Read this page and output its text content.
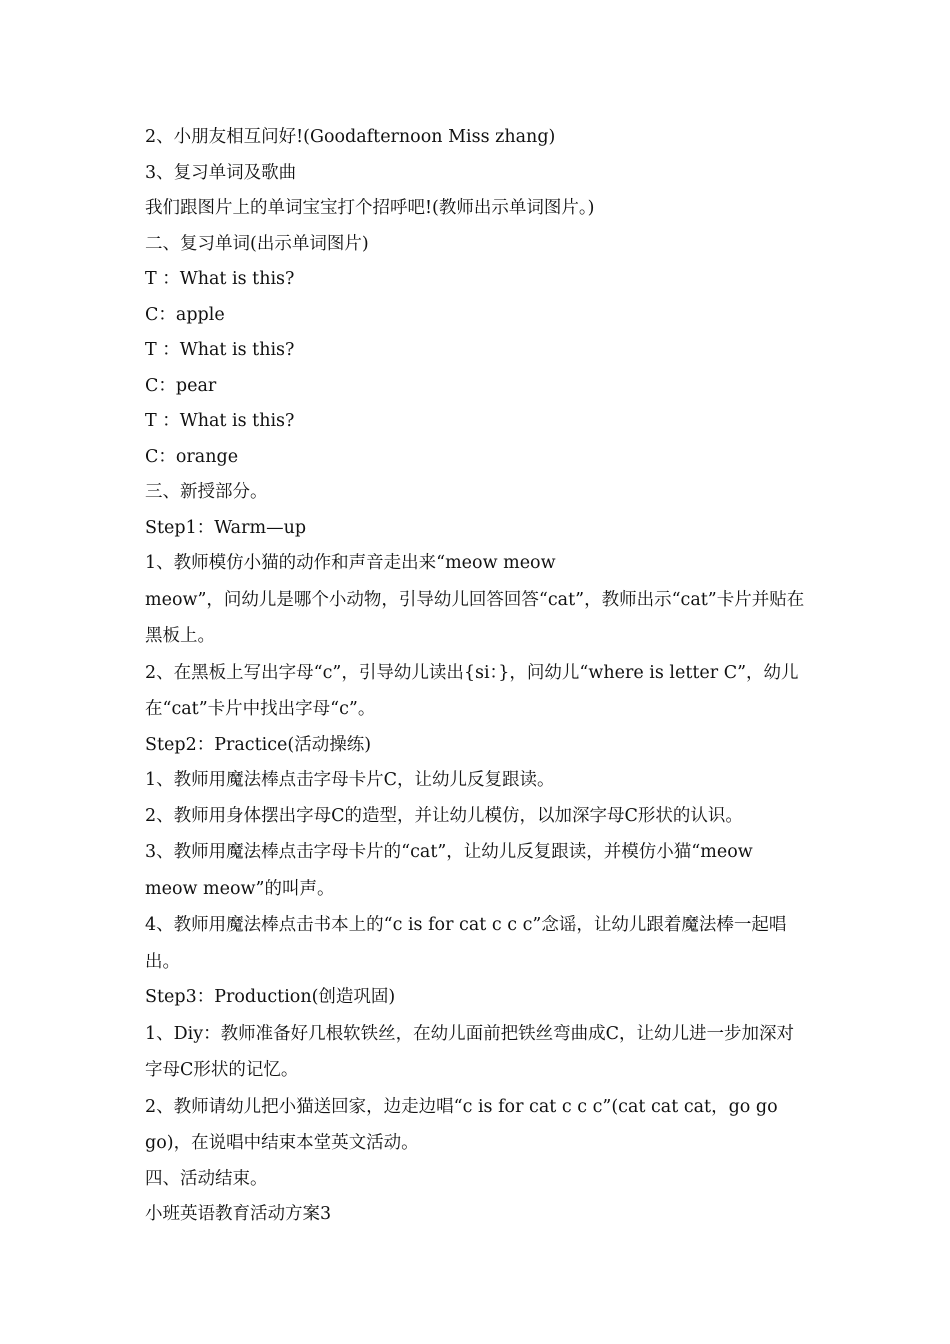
2、小朋友相互问好!(Goodafternoon Miss zhang)
3、复习单词及歌曲
我们跟图片上的单词宝宝打个招呼吧!(教师出示单词图片。)
二、复习单词(出示单词图片)
T ：What is this?
C：apple
T ：What is this?
C：pear
T ：What is this?
C：orange
三、新授部分。
Step1：Warm—up
1、教师模仿小猫的动作和声音走出来“meow meow
meow”，问幼儿是哪个小动物，引导幼儿回答回答“cat”，教师出示“cat”卡片并贴在黑板上。
2、在黑板上写出字母“c”，引导幼儿读出{si：}，问幼儿“where is letter C”，幼儿在“cat”卡片中找出字母“c”。
Step2：Practice(活动操练)
1、教师用魔法棒点击字母卡片C，让幼儿反复跟读。
2、教师用身体摆出字母C的造型，并让幼儿模仿，以加深字母C形状的认识。
3、教师用魔法棒点击字母卡片的“cat”，让幼儿反复跟读，并模仿小猫“meow meow meow”的叫声。
4、教师用魔法棒点击书本上的“c is for cat c c c”念谣，让幼儿跟着魔法棒一起唱出。
Step3：Production(创造巩固)
1、Diy：教师准备好几根软铁丝，在幼儿面前把铁丝弯曲成C，让幼儿进一步加深对字母C形状的记忆。
2、教师请幼儿把小猫送回家，边走边唱“c is for cat c c c”(cat cat cat，go go go)，在说唱中结束本堂英文活动。
四、活动结束。
小班英语教育活动方案3
